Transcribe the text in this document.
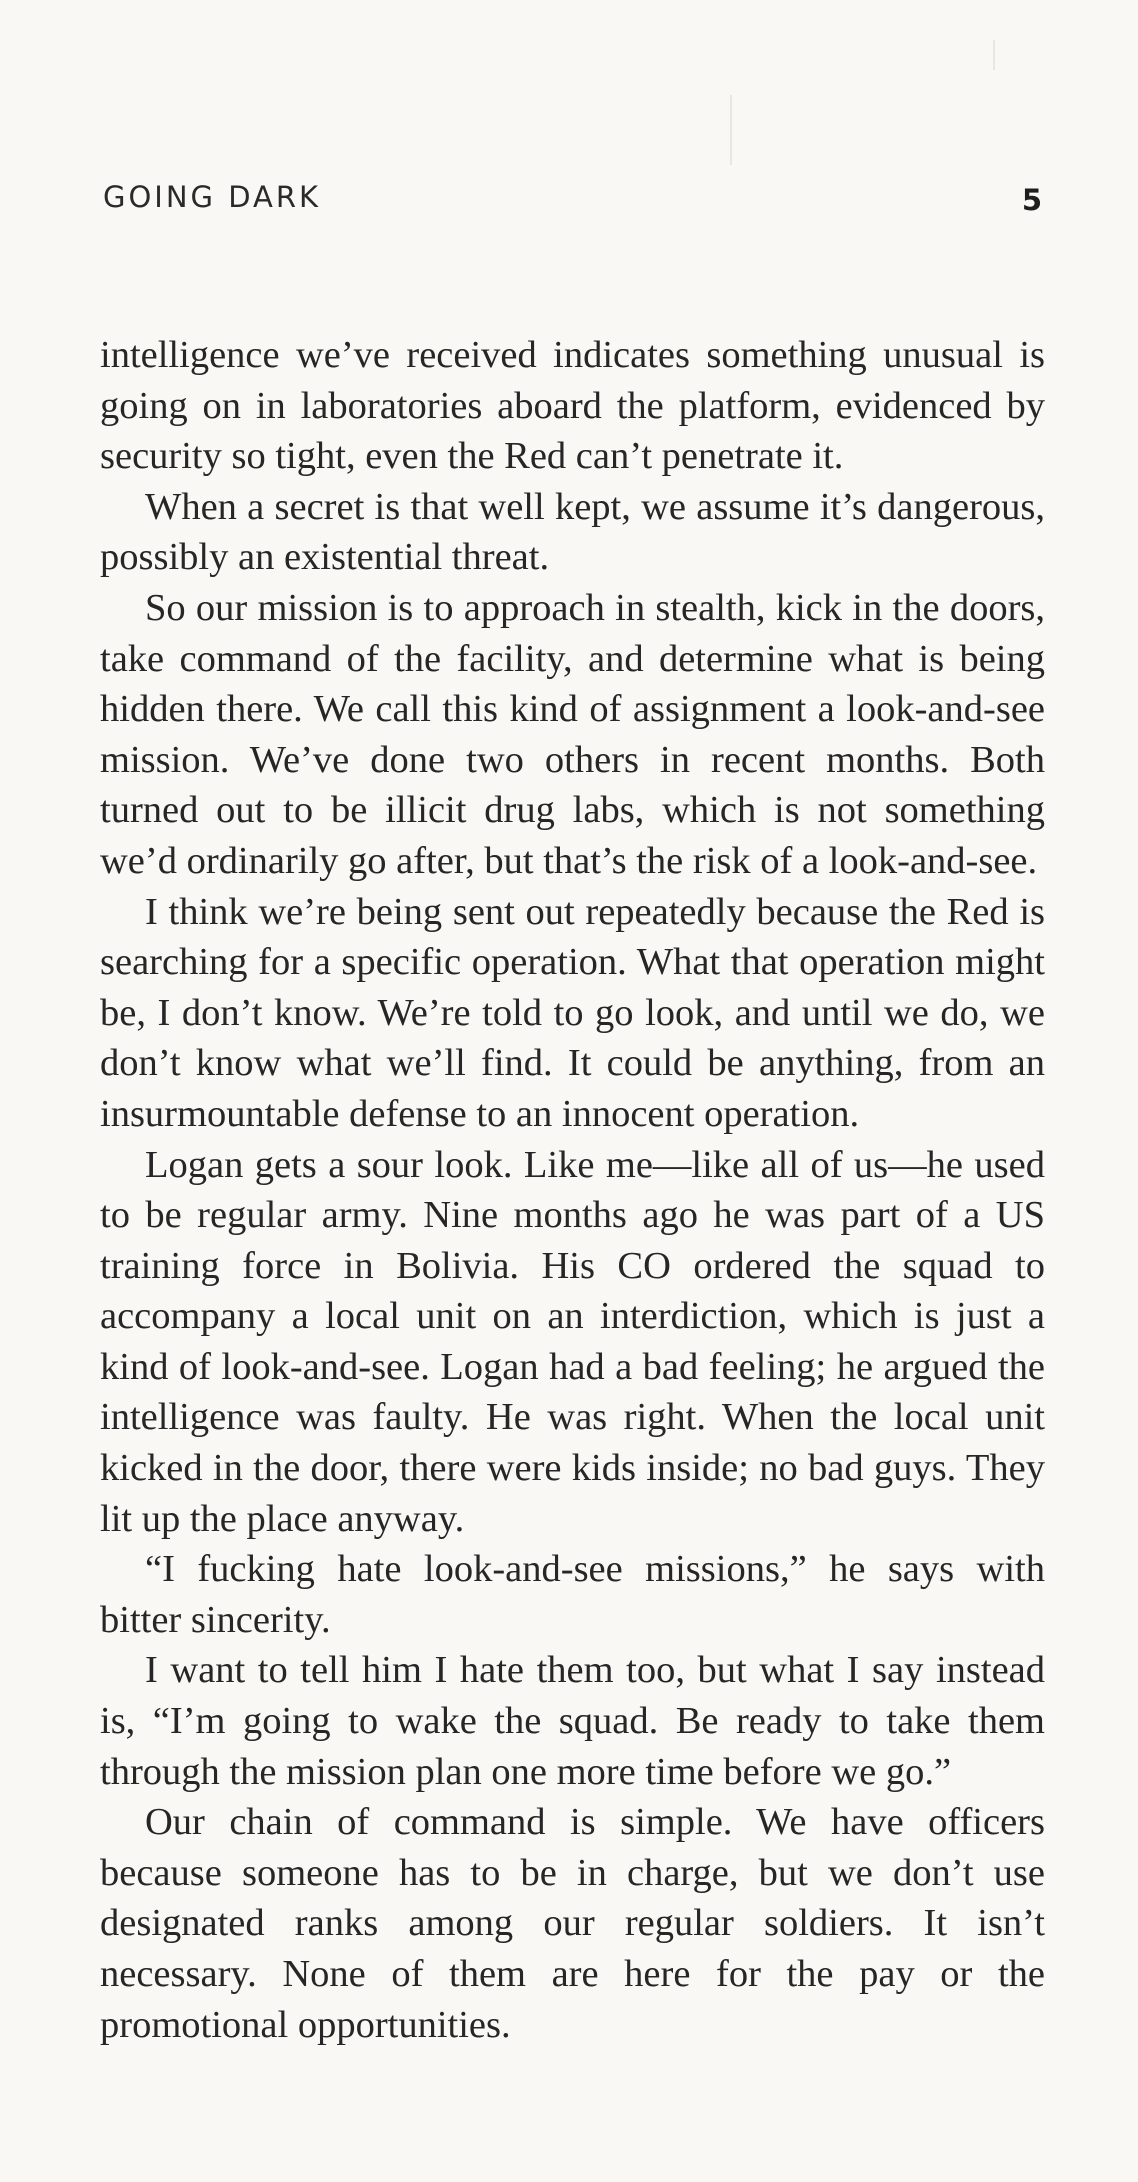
GOING DARK	5

intelligence we’ve received indicates something unusual is going on in laboratories aboard the platform, evidenced by security so tight, even the Red can’t penetrate it.

When a secret is that well kept, we assume it’s dangerous, possibly an existential threat.

So our mission is to approach in stealth, kick in the doors, take command of the facility, and determine what is being hidden there. We call this kind of assignment a look-and-see mission. We’ve done two others in recent months. Both turned out to be illicit drug labs, which is not something we’d ordinarily go after, but that’s the risk of a look-and-see.

I think we’re being sent out repeatedly because the Red is searching for a specific operation. What that operation might be, I don’t know. We’re told to go look, and until we do, we don’t know what we’ll find. It could be anything, from an insurmountable defense to an innocent operation.

Logan gets a sour look. Like me—like all of us—he used to be regular army. Nine months ago he was part of a US training force in Bolivia. His CO ordered the squad to accompany a local unit on an interdiction, which is just a kind of look-and-see. Logan had a bad feeling; he argued the intelligence was faulty. He was right. When the local unit kicked in the door, there were kids inside; no bad guys. They lit up the place anyway.

“I fucking hate look-and-see missions,” he says with bitter sincerity.

I want to tell him I hate them too, but what I say instead is, “I’m going to wake the squad. Be ready to take them through the mission plan one more time before we go.”

Our chain of command is simple. We have officers because someone has to be in charge, but we don’t use designated ranks among our regular soldiers. It isn’t necessary. None of them are here for the pay or the promotional opportunities.
